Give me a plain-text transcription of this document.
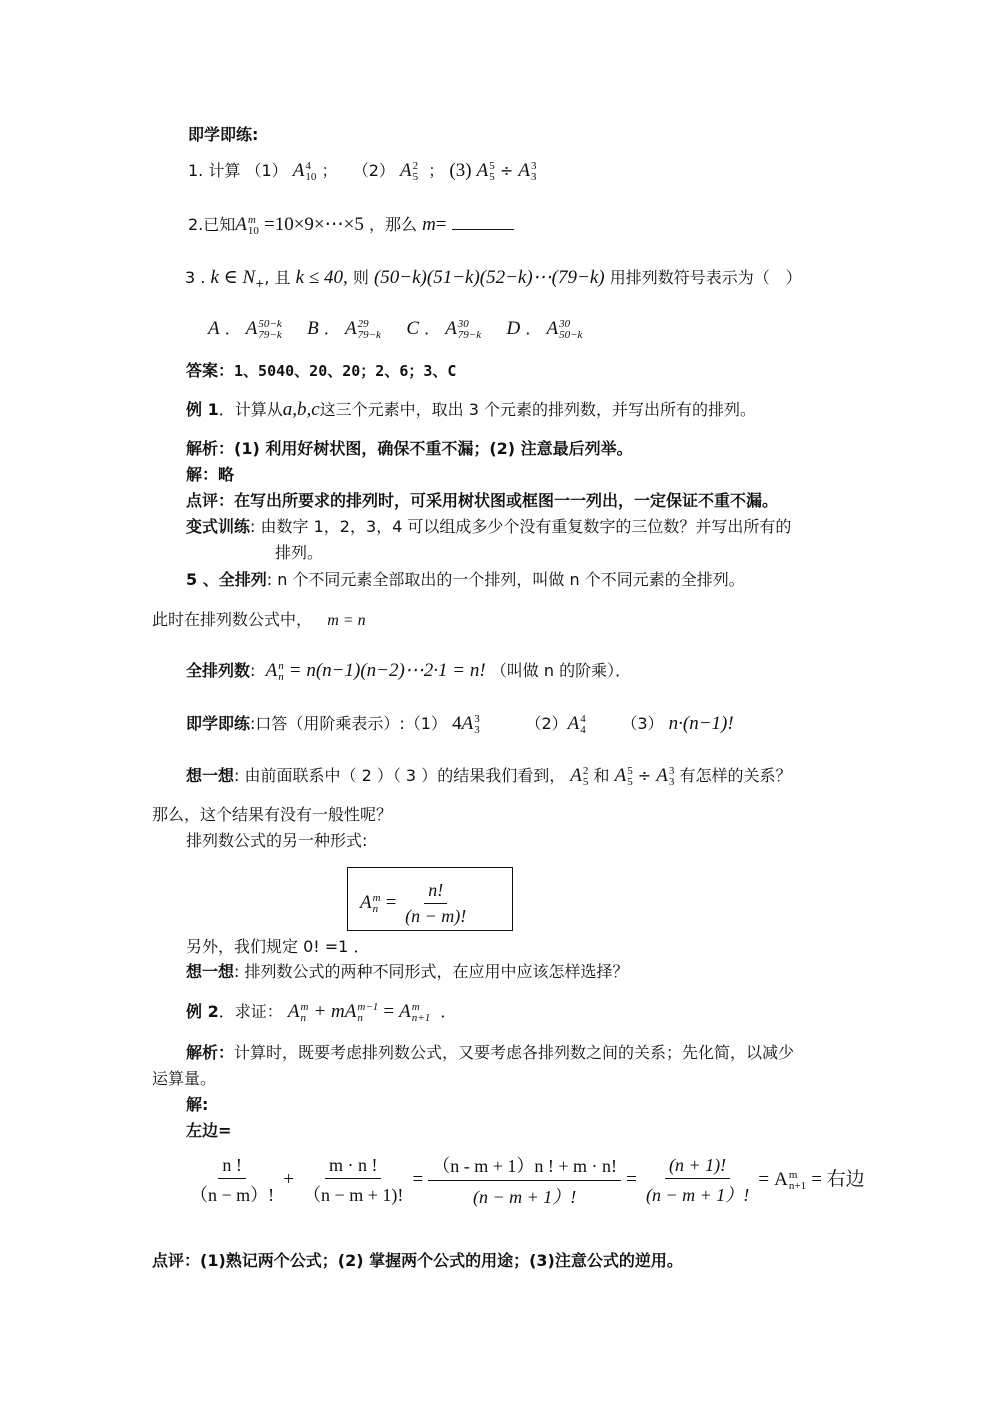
即学即练:
1. 计算 （1） A 4
10 ； （2） A 2
5 ； (3) A 5
5 ÷ A 3
3
2.已知A m
10 =10×9×⋯×5 ，那么 m=
3 . k ∈ $N_+$, 且 k ≤ 40, 则 (50−k)(51−k)(52−k)⋯(79−k) 用排列数符号表示为（　）
A ． A 50−k
79−k B ． A 29
79−k C ． A 30
79−k D ． A 30
50−k
答案：1、5040、20、20；2、6；3、C
例 1．计算从a,b,c这三个元素中，取出 3 个元素的排列数，并写出所有的排列。
解析：(1) 利用好树状图，确保不重不漏；(2) 注意最后列举。
解：略
点评：在写出所要求的排列时，可采用树状图或框图一一列出，一定保证不重不漏。
变式训练: 由数字 1，2，3，4 可以组成多少个没有重复数字的三位数？并写出所有的
排列。
5 、全排列: n 个不同元素全部取出的一个排列，叫做 n 个不同元素的全排列。
此时在排列数公式中， m = n
全排列数:  A n
n = n(n−1)(n−2)⋯2·1 = n! （叫做 n 的阶乘）．
即学即练:口答（用阶乘表示）:（1） 4A 3
3	（2）A 4
4 （3） n·(n−1)!
想一想: 由前面联系中（ 2 ）（ 3 ）的结果我们看到， A 2
5 和 A 5
5 ÷ A 3
3 有怎样的关系？
那么，这个结果有没有一般性呢？
排列数公式的另一种形式:
A m
$n = \frac{n!}{(n - m)!}$
另外，我们规定 0! =1 ．
想一想: 排列数公式的两种不同形式，在应用中应该怎样选择？
例 2．求证： A m
n + mA m−1
n	= A m
n+1 ．
解析：计算时，既要考虑排列数公式，又要考虑各排列数之间的关系；先化简，以减少
运算量。
解:
左边=
$\frac{n !}{(n - m)!} + \frac{m \cdot n !}{(n - m + 1)!} = \frac{(n - m + 1)n ! + m \cdot n!}{(n - m + 1)!} = \frac{(n + 1)!}{(n - m + 1)!} = A$ m
n+1 = 右边
点评：(1)熟记两个公式；(2) 掌握两个公式的用途；(3)注意公式的逆用。
